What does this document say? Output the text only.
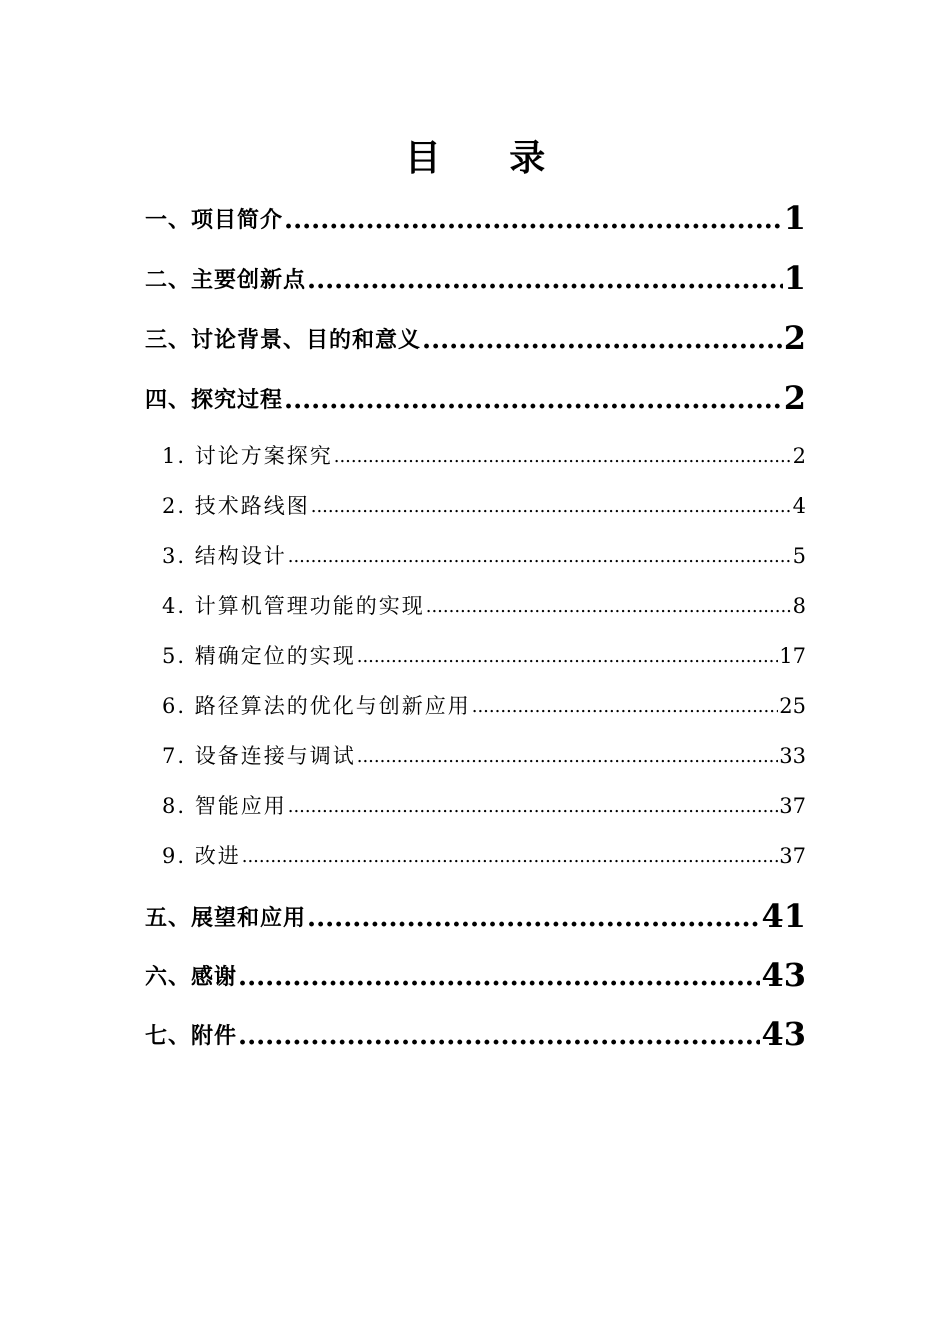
目 录
一、项目简介 .....	1
二、主要创新点 .....	1
三、讨论背景、目的和意义 .....	2
四、探究过程 .....	2
1. 讨论方案探究 .....	2
2. 技术路线图 .....	4
3. 结构设计 .....	5
4. 计算机管理功能的实现 .....	8
5. 精确定位的实现 .....	17
6. 路径算法的优化与创新应用 .....	25
7. 设备连接与调试 .....	33
8. 智能应用 .....	37
9. 改进 .....	37
五、展望和应用 .....	41
六、感谢 .....	43
七、附件 .....	43
